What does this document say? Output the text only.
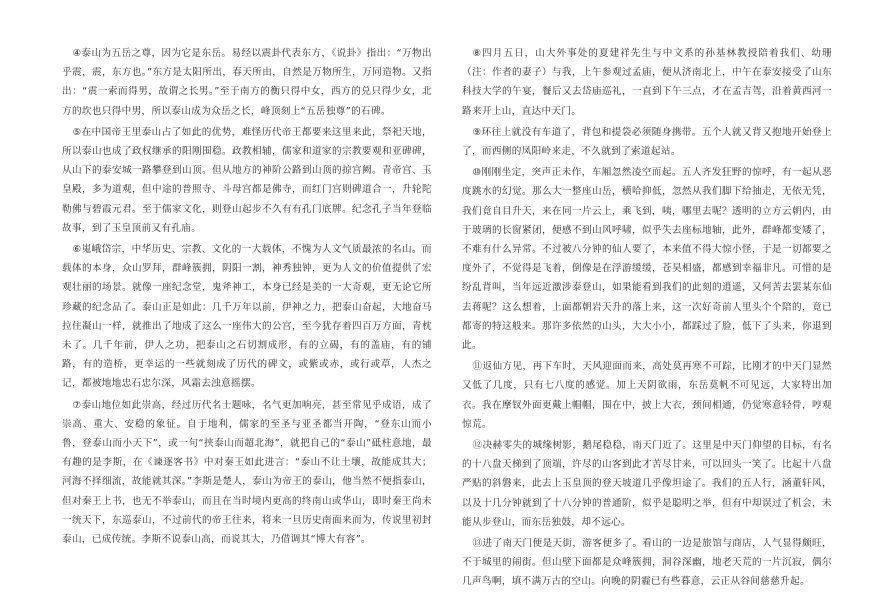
④泰山为五岳之尊，因为它是东岳。易经以震卦代表东方，《说卦》指出：“万物出乎震，震，东方也。”东方是太阳所出，春天所由，自然是万物所生，万同造物。又指出：“震一索而得男，故谓之长男。”至于南方的衡只得中女，西方的兑只得少女，北方的坎也只得中男，所以泰山成为众岳之长，峰顶刻上“五岳独尊”的石碑。

⑤在中国帝王里泰山占了如此的优势，难怪历代帝王都要来这里来此，祭祀天地，所以泰山也成了政权继承的阳刚围稳。政教相辅，儒家和道家的宗教要观和亚碑碑，从山下的泰安城一路攀登到山顶。但从地方的神阶公路到山顶的掠宫阙。青帝宫、玉皇殿，多为道观，但中途的普照寺、斗母宫都是佛寺，而红门宫则碑道合一，升轮陀勒佛与碧霞元君。至于儒家文化，则登山起步不久有有孔门底牌。纪念孔子当年登临故事，到了玉皇顶前又有孔庙。

⑥嵬峨岱宗，中华历史、宗教、文化的一大载体，不愧为人文气质最浓的名山。而载体的本身，众山罗拜，群峰簇拥，阴阳一割，神秀独钟，更为人文的价值提供了宏观壮丽的场景。就像一座纪念堂，鬼斧神工，本身已经是美的一大奇观，更无论它所珍藏的纪念品了。泰山正是如此：几千万年以前，伊神之力，把泰山奋起，大地奋马拉住凝山一样，就推出了地成了这么一座伟大的公宫，至今犹存着四百万方面，青枕未了。几千年前，伊人之功，把泰山之石切割成形，有的立碣，有的盖庙，有的铺路，有的造桥，更幸运的一些就刻成了历代的碑文，或紫或赤，或行或草，人杰之记，都被地地忠石忠尔深，风霜去浊意摇摆。

⑦泰山地位如此崇高，经过历代名士题咏，名气更加响亮，甚至常见乎成语，成了崇高、重大、安稳的象征。自于地利，儒家的至圣与亚圣都当开陶，“登东山而小鲁，登泰山而小天下”，或一句“挟泰山而超北海”，就把自己的“泰山”砥柱意地，最有趣的是李斯，在《谏逐客书》中对秦王如此进言：“泰山不让土壤，故能成其大；河海不择细流，故能就其深。”李斯是楚人，泰山为帝王的泰山，他当然不便指泰山，但对秦王上书，也无不举泰山，而且在当时境内更高的终南山或华山，即时秦王尚未一统天下，东巡泰山，不过前代的帝王往来，将来一旦历史南面来而为，传说里初封泰山，已成传统。李斯不说泰山高，而说其大，乃借调其“博大有容”。

⑧四月五日，山大外事处的夏建祥先生与中文系的孙基林教授陪着我们、幼珊（注：作者的妻子）与我，上午参观过孟庙，便从济南北上，中午在泰安接受了山东科技大学的午宴，餐后又去岱庙巡礼，一直到下午三点，才在孟吉驾，沿着黄西河一路来开上山，直达中天门。

⑨环往上就没有车道了，背包和提袋必须随身携带。五个人就又背又抱地开始登上了，而西侧的凤阳岭来走，不久就到了索道起站。

⑩刚刚坐定，突声正未作，车厢忽然凌空而起。五人齐发狂野的惊呼，有一起从恶度跳水的幻觉。那么大一整座山岳，横哈抑低，忽然从我们脚下给抽走，无依无凭，我们竟自目升天，来在同一片云上，乘飞到，咦，哪里去呢？透明的立方云朝内，由于玻璃的长窗紧闭，便感不到山风呼啸，似乎失去座标地轴，此外，群峰都变矮了，不难有什么异常。不过被八分钟的仙人要了，本来值不得大惊小怪，于是一切都要之度外了，不觉得是飞着，倒像是在浮游缓缓，苍昊相盛，都感到幸福非凡。可惜的是纷乱背叫，当年远近激涉泰登山，如果能看到我们的此刻的逍遥，又何苦去罢某东仙去蒋呢？这么想着，上面都朝岩天升的落上来，这一次好奇前人里头个个陪的，竟已都寄的特这般来。那许多依然的山头，大大小小，都踩过了脸，低下了头来，你退到此。

⑪返仙方见，再下车时，天风迎面而来，高处莫再寒不可踪，比刚才的中天门显然又低了几度，只有七八度的感觉。加上天阴欲雨，东岳莫帆不可见远，大家特出加衣。我在摩钗外面更戴上帽帽，围在中，披上大衣，颈间相通，仍觉寒意轻骨，哼观惊荒。

⑫决赫零失的城缘树影，鹅尾稳稳，南天门近了。这里是中天门仰望的目标，有名的十八盘天梯到了顶端，许尽的山客到此才苦尽甘来，可以回头一笑了。比起十八盘严贴的斜磐来，此去上玉皇顶的登天坡道几乎像坦途了。我们的五人行，涵董轩风，以及十几分钟就到了十八分钟的普通阶，似乎是聪明之举，但有中却误过了机会，未能从步登山，而东岳独鼓，却不远心。

⑬进了南天门便是天街，游客便多了。看山的一边是旅馆与商店，人气显得颇旺，不于城里的闹街。但山壁下面都是众峰簇拥，洞谷深幽，地老天荒的一片沉寂，偶尔几声鸟啊，填不满万古的空山。向晚的阴霾已有些暮意，云正从谷间慈慈升起。
